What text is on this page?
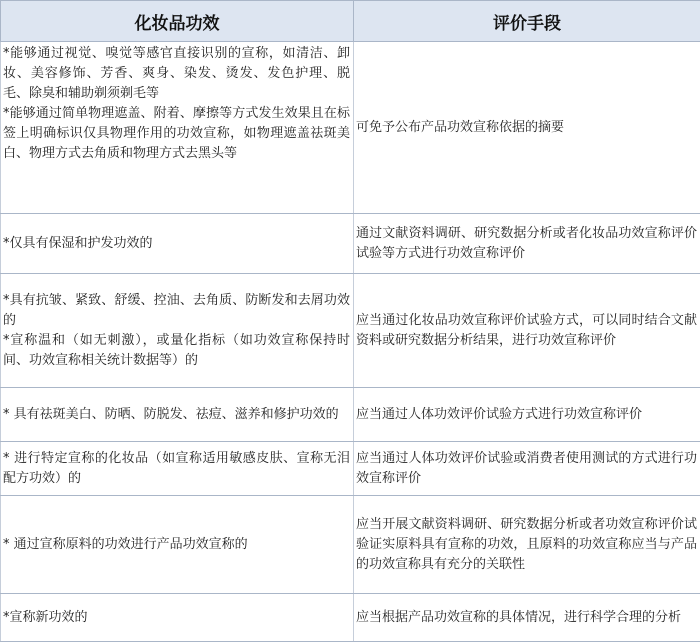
化妆品功效	评价手段

*能够通过视觉、嗅觉等感官直接识别的宣称，如清洁、卸妆、美容修饰、芳香、爽身、染发、烫发、发色护理、脱毛、除臭和辅助剃须剃毛等
*能够通过简单物理遮盖、附着、摩擦等方式发生效果且在标签上明确标识仅具物理作用的功效宣称，如物理遮盖祛斑美白、物理方式去角质和物理方式去黑头等	可免予公布产品功效宣称依据的摘要

*仅具有保湿和护发功效的	通过文献资料调研、研究数据分析或者化妆品功效宣称评价试验等方式进行功效宣称评价

*具有抗皱、紧致、舒缓、控油、去角质、防断发和去屑功效的
*宣称温和（如无刺激），或量化指标（如功效宣称保持时间、功效宣称相关统计数据等）的	应当通过化妆品功效宣称评价试验方式，可以同时结合文献资料或研究数据分析结果，进行功效宣称评价

* 具有祛斑美白、防晒、防脱发、祛痘、滋养和修护功效的	应当通过人体功效评价试验方式进行功效宣称评价

* 进行特定宣称的化妆品（如宣称适用敏感皮肤、宣称无泪配方功效）的	应当通过人体功效评价试验或消费者使用测试的方式进行功效宣称评价

* 通过宣称原料的功效进行产品功效宣称的	应当开展文献资料调研、研究数据分析或者功效宣称评价试验证实原料具有宣称的功效，且原料的功效宣称应当与产品的功效宣称具有充分的关联性

*宣称新功效的	应当根据产品功效宣称的具体情况，进行科学合理的分析
